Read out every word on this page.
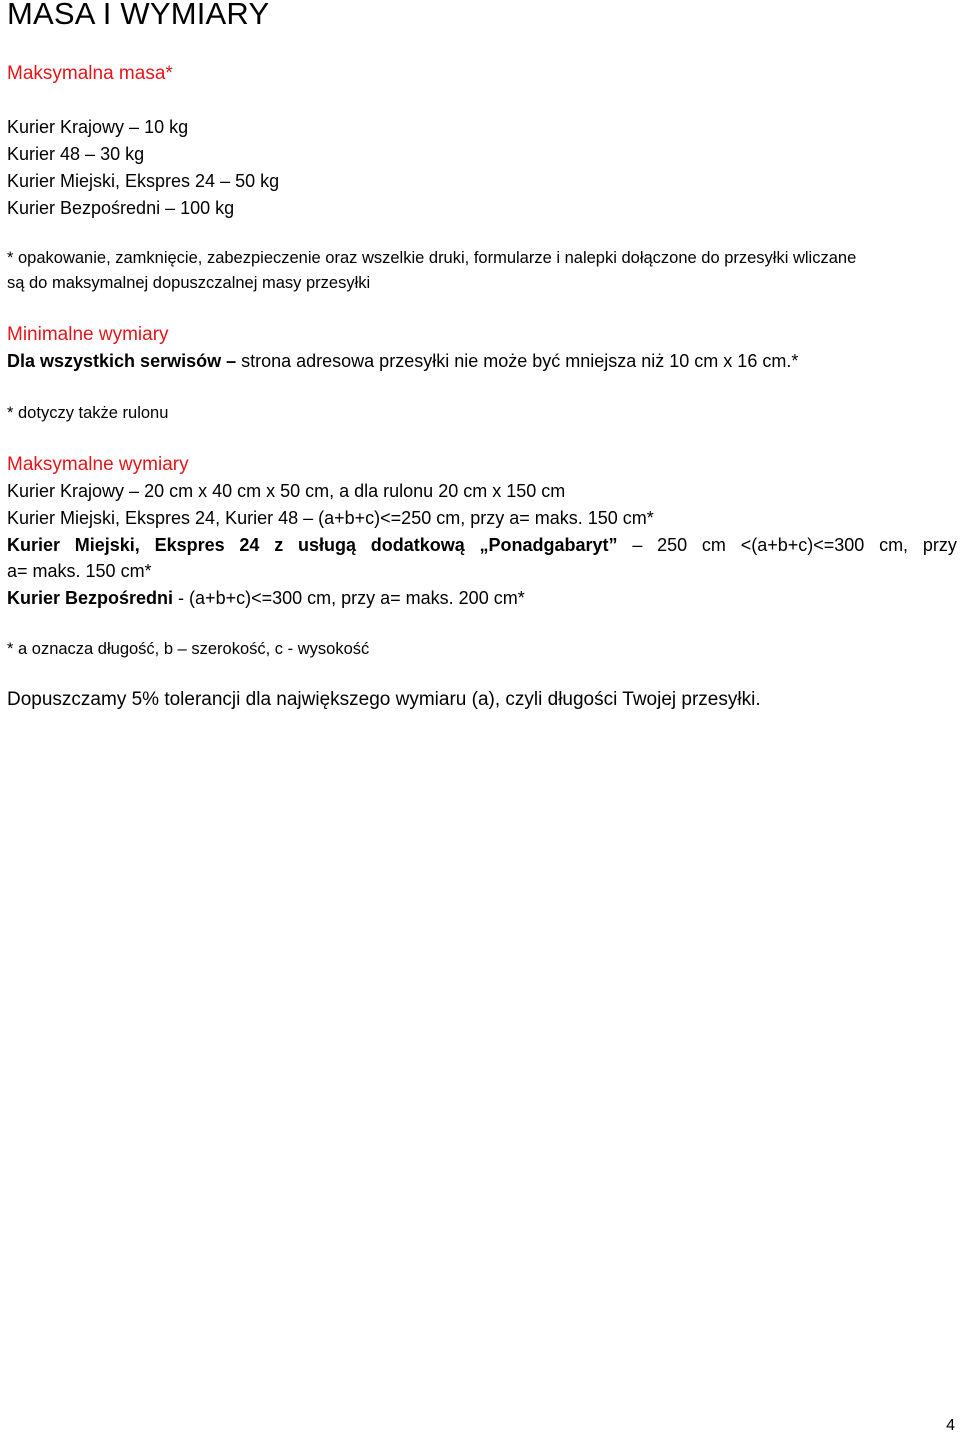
MASA I WYMIARY
Maksymalna masa*
Kurier Krajowy – 10 kg
Kurier 48 – 30 kg
Kurier Miejski, Ekspres 24 – 50 kg
Kurier Bezpośredni – 100 kg
* opakowanie, zamknięcie, zabezpieczenie oraz wszelkie druki, formularze i nalepki dołączone do przesyłki wliczane
są do maksymalnej dopuszczalnej masy przesyłki
Minimalne wymiary
Dla wszystkich serwisów – strona adresowa przesyłki nie może być mniejsza niż 10 cm x 16 cm.*
* dotyczy także rulonu
Maksymalne wymiary
Kurier Krajowy – 20 cm x 40 cm x 50 cm, a dla rulonu 20 cm x 150 cm
Kurier Miejski, Ekspres 24, Kurier 48 – (a+b+c)<=250 cm, przy a= maks. 150 cm*
Kurier Miejski, Ekspres 24 z usługą dodatkową „Ponadgabaryt” – 250 cm <(a+b+c)<=300 cm, przy
a= maks. 150 cm*
Kurier Bezpośredni - (a+b+c)<=300 cm, przy a= maks. 200 cm*
* a oznacza długość, b – szerokość, c - wysokość
Dopuszczamy 5% tolerancji dla największego wymiaru (a), czyli długości Twojej przesyłki.
4
